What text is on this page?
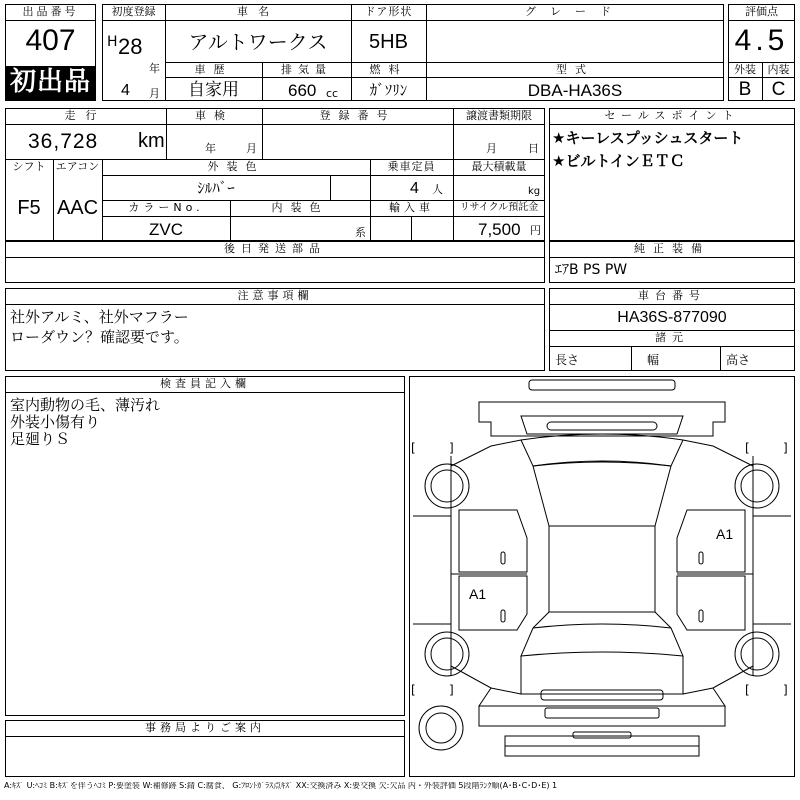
出品番号
407
初出品
初度登録
H 28
年
4 月
車名
アルトワークス
ドア形状
5HB
グレード
車歴
自家用
排気量
660 cc
燃料
ｶﾞｿﾘﾝ
型式
DBA-HA36S
評価点
4.5
外装	内装
B	C
走行
36,728 km
車検
年	月
登録番号	譲渡書類期限
月	日
シフト
F5
エアコン
AAC
外装色
ｼﾙﾊﾞｰ
乗車定員
4 人
最大積載量
kg
カラーNo.
ZVC
内装色
系
輸入車	リサイクル預託金
7,500 円
後日発送部品
セールスポイント
★キーレスプッシュスタート
★ビルトインＥＴＣ
純正装備
ｴｱB PS PW
注意事項欄
社外アルミ、社外マフラー
ローダウン？確認要です。
車台番号
HA36S-877090
諸元
長さ	幅	高さ
検査員記入欄
室内動物の毛、薄汚れ
外装小傷有り
足廻りＳ
事務局よりご案内
[	]	[	]
[	]	[	]
A1
A1
A:ｷｽﾞ U:ﾍｺﾐ B:ｷｽﾞを伴うﾍｺﾐ P:要塗装 W:補修跡 S:錆 C:腐食、 G:ﾌﾛﾝﾄｶﾞﾗｽ点ｷｽﾞ XX:交換済み X:要交換 欠:欠品 内・外装評価 5段階ﾗﾝｸ順(A･B･C･D･E) 1
